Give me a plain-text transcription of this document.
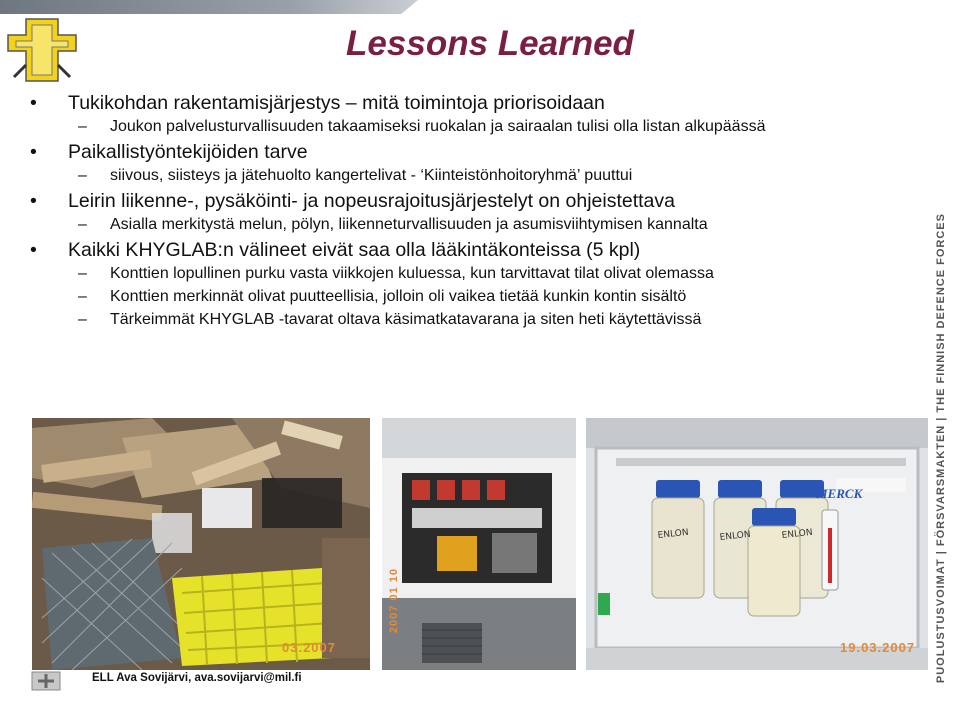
Lessons Learned
• Tukikohdan rakentamisjärjestys – mitä toimintoja priorisoidaan
– Joukon palvelusturvallisuuden takaamiseksi ruokalan ja sairaalan tulisi olla listan alkupäässä
• Paikallistyöntekijöiden tarve
– siivous, siisteys ja jätehuolto kangertelivat - ‘Kiinteistönhoitoryhmä’ puuttui
• Leirin liikenne-, pysäköinti- ja nopeusrajoitusjärjestelyt on ohjeistettava
– Asialla merkitystä melun, pölyn, liikenneturvallisuuden ja asumisviihtymisen kannalta
• Kaikki KHYGLAB:n välineet eivät saa olla lääkintäkonteissa (5 kpl)
– Konttien lopullinen purku vasta viikkojen kuluessa, kun tarvittavat tilat olivat olemassa
– Konttien merkinnät olivat puutteellisia, jolloin oli vaikea tietää kunkin kontin sisältö
– Tärkeimmät KHYGLAB -tavarat oltava käsimatkatavarana ja siten heti käytettävissä	PUOLUSTUSVOIMAT | FÖRSVARSMAKTEN | THE FINNISH DEFENCE FORCES
03.2007
2007 01 10
ENLON	ENLON	ENLON
MERCK
19.03.2007
ELL Ava Sovijärvi, ava.sovijarvi@mil.fi
